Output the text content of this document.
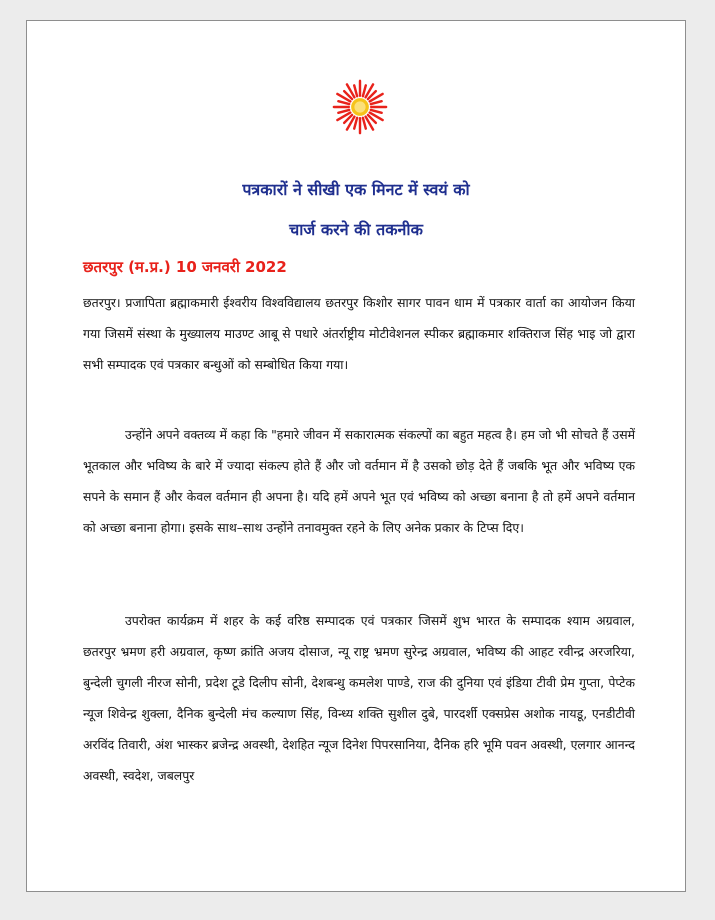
पत्रकारों ने सीखी एक मिनट में स्वयं को
चार्ज करने की तकनीक
छतरपुर (म.प्र.) 10 जनवरी 2022

छतरपुर। प्रजापिता ब्रह्माकमारी ईश्वरीय विश्वविद्यालय छतरपुर किशोर सागर पावन धाम में पत्रकार वार्ता का आयोजन किया गया जिसमें संस्था के मुख्यालय माउण्ट आबू से पधारे अंतर्राष्ट्रीय मोटीवेशनल स्पीकर ब्रह्माकमार शक्तिराज सिंह भाइ जो द्वारा सभी सम्पादक एवं पत्रकार बन्धुओं को सम्बोधित किया गया।

उन्होंने अपने वक्तव्य में कहा कि "हमारे जीवन में सकारात्मक संकल्पों का बहुत महत्व है। हम जो भी सोचते हैं उसमें भूतकाल और भविष्य के बारे में ज्यादा संकल्प होते हैं और जो वर्तमान में है उसको छोड़ देते हैं जबकि भूत और भविष्य एक सपने के समान हैं और केवल वर्तमान ही अपना है। यदि हमें अपने भूत एवं भविष्य को अच्छा बनाना है तो हमें अपने वर्तमान को अच्छा बनाना होगा। इसके साथ–साथ उन्होंने तनावमुक्त रहने के लिए अनेक प्रकार के टिप्स दिए।

उपरोक्त कार्यक्रम में शहर के कई वरिष्ठ सम्पादक एवं पत्रकार जिसमें शुभ भारत के सम्पादक श्याम अग्रवाल, छतरपुर भ्रमण हरी अग्रवाल, कृष्ण क्रांति अजय दोसाज, न्यू राष्ट्र भ्रमण सुरेन्द्र अग्रवाल, भविष्य की आहट रवीन्द्र अरजरिया, बुन्देली चुगली नीरज सोनी, प्रदेश टूडे दिलीप सोनी, देशबन्धु कमलेश पाण्डे, राज की दुनिया एवं इंडिया टीवी प्रेम गुप्ता, पेप्टेक न्यूज शिवेन्द्र शुक्ला, दैनिक बुन्देली मंच कल्याण सिंह, विन्ध्य शक्ति सुशील दुबे, पारदर्शी एक्सप्रेस अशोक नायडू, एनडीटीवी अरविंद तिवारी, अंश भास्कर ब्रजेन्द्र अवस्थी, देशहित न्यूज दिनेश पिपरसानिया, दैनिक हरि भूमि पवन अवस्थी, एलगार आनन्द अवस्थी, स्वदेश, जबलपुर
